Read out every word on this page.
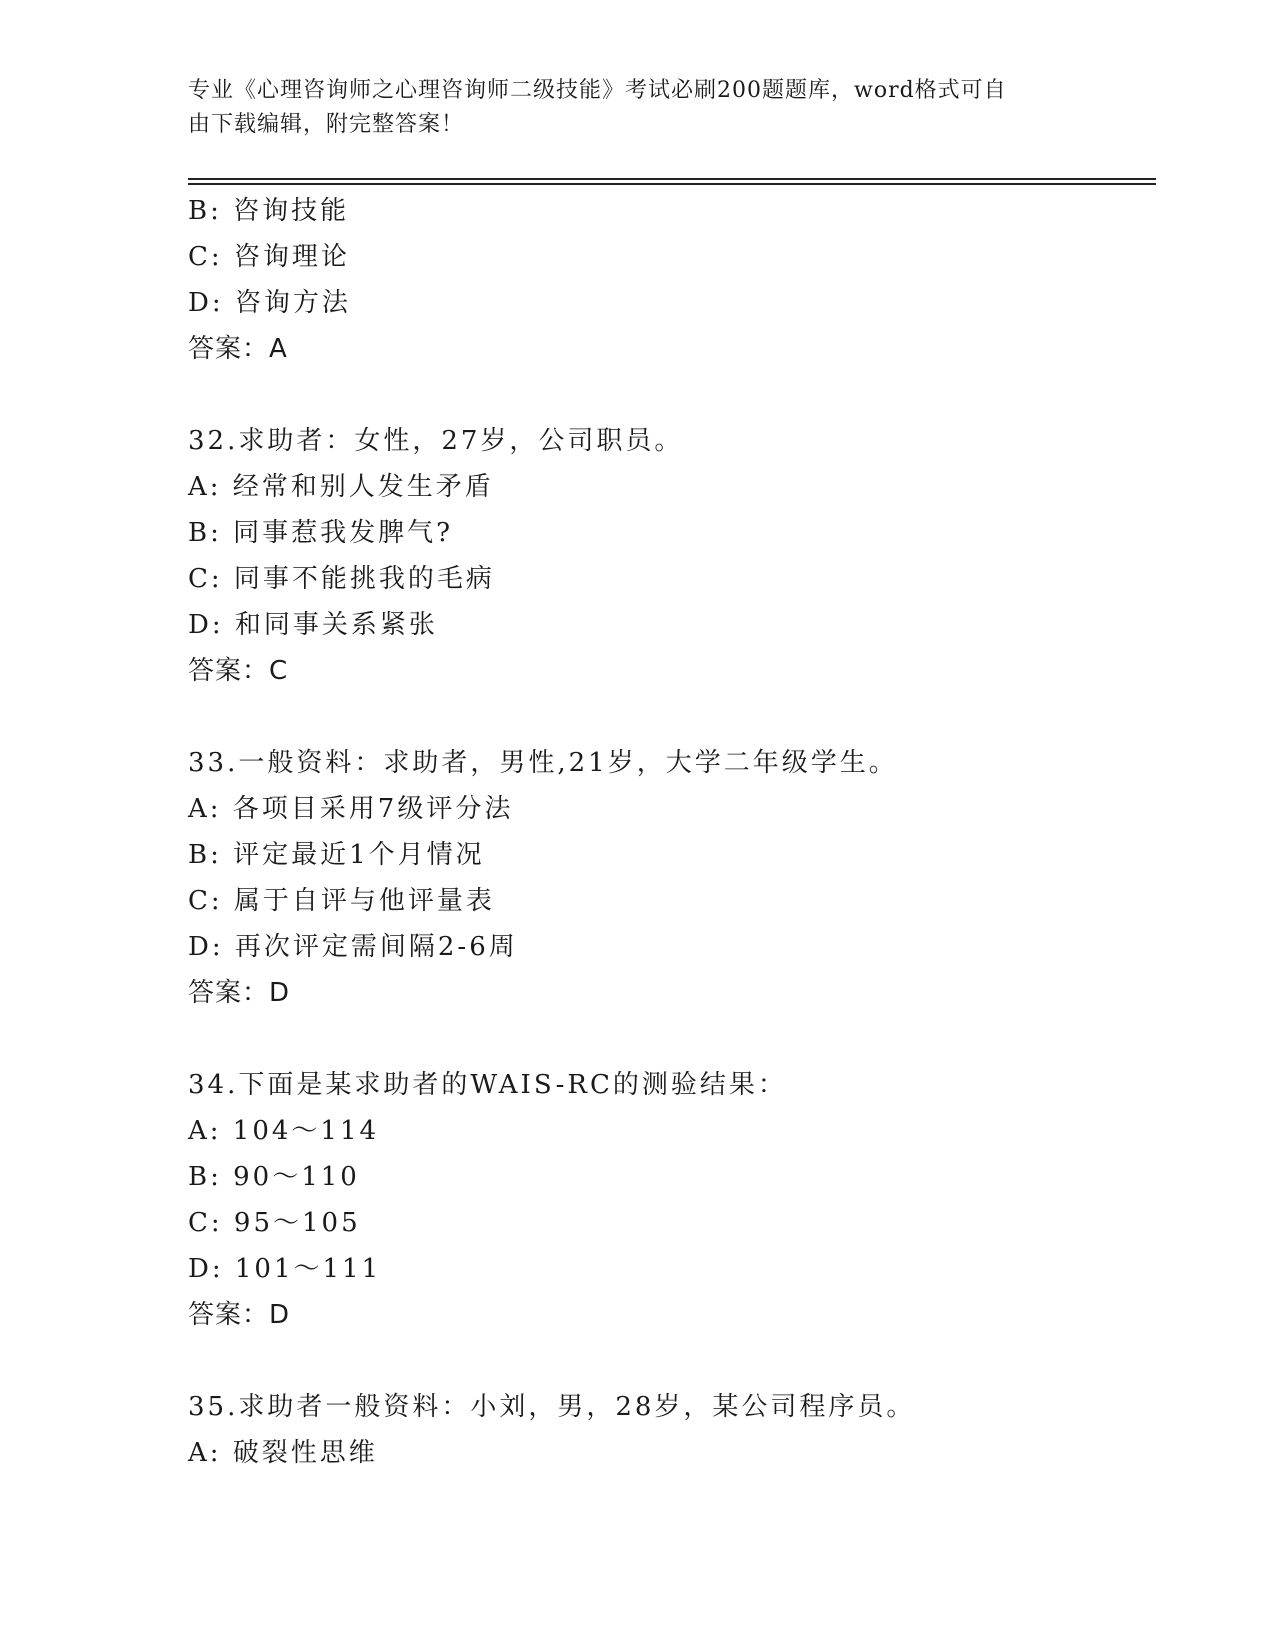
专业《心理咨询师之心理咨询师二级技能》考试必刷200题题库，word格式可自
由下载编辑，附完整答案！
B: 咨询技能
C: 咨询理论
D: 咨询方法
答案：A
32.求助者：女性，27岁，公司职员。
A: 经常和别人发生矛盾
B: 同事惹我发脾气?
C: 同事不能挑我的毛病
D: 和同事关系紧张
答案：C
33.一般资料：求助者，男性,21岁，大学二年级学生。
A: 各项目采用7级评分法
B: 评定最近1个月情况
C: 属于自评与他评量表
D: 再次评定需间隔2-6周
答案：D
34.下面是某求助者的WAIS-RC的测验结果：
A: 104～114
B: 90～110
C: 95～105
D: 101～111
答案：D
35.求助者一般资料：小刘，男，28岁，某公司程序员。
A: 破裂性思维
